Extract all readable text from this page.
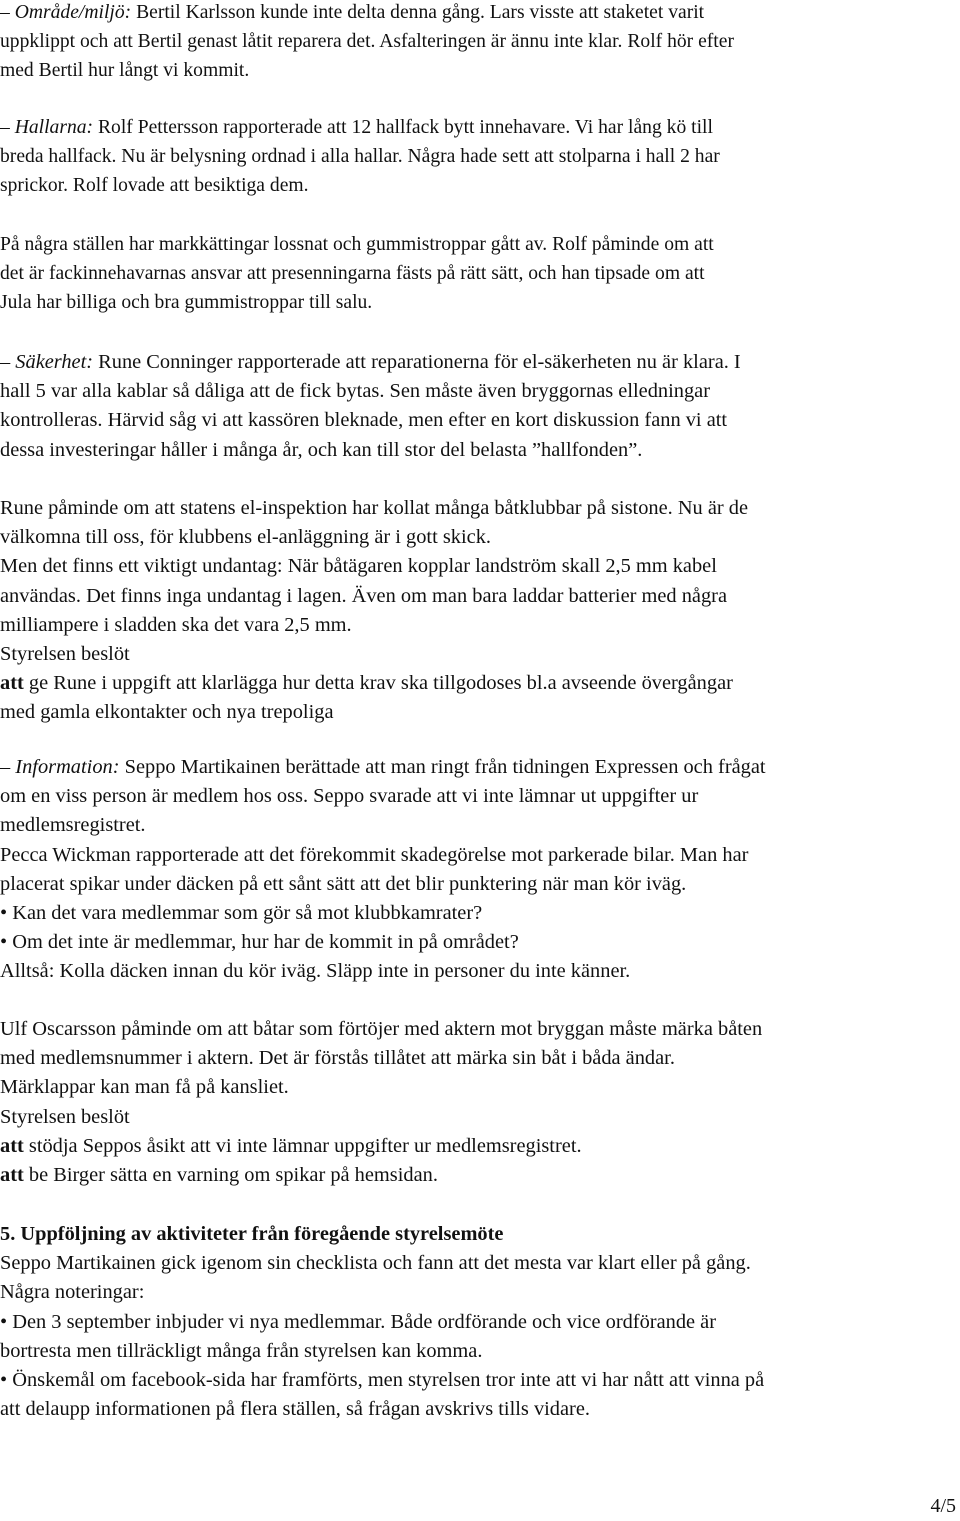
– Område/miljö: Bertil Karlsson kunde inte delta denna gång. Lars visste att staketet varit
uppklippt och att Bertil genast låtit reparera det. Asfalteringen är ännu inte klar. Rolf hör efter
med Bertil hur långt vi kommit.
– Hallarna: Rolf Pettersson rapporterade att 12 hallfack bytt innehavare. Vi har lång kö till
breda hallfack. Nu är belysning ordnad i alla hallar. Några hade sett att stolparna i hall 2 har
sprickor. Rolf lovade att besiktiga dem.
På några ställen har markkättingar lossnat och gummistroppar gått av. Rolf påminde om att
det är fackinnehavarnas ansvar att presenningarna fästs på rätt sätt, och han tipsade om att
Jula har billiga och bra gummistroppar till salu.
– Säkerhet: Rune Conninger rapporterade att reparationerna för el-säkerheten nu är klara. I
hall 5 var alla kablar så dåliga att de fick bytas. Sen måste även bryggornas elledningar
kontrolleras. Härvid såg vi att kassören bleknade, men efter en kort diskussion fann vi att
dessa investeringar håller i många år, och kan till stor del belasta ”hallfonden”.
Rune påminde om att statens el-inspektion har kollat många båtklubbar på sistone. Nu är de
välkomna till oss, för klubbens el-anläggning är i gott skick.
Men det finns ett viktigt undantag: När båtägaren kopplar landström skall 2,5 mm kabel
användas. Det finns inga undantag i lagen. Även om man bara laddar batterier med några
milliampere i sladden ska det vara 2,5 mm.
Styrelsen beslöt
att ge Rune i uppgift att klarlägga hur detta krav ska tillgodoses bl.a avseende övergångar
med gamla elkontakter och nya trepoliga
– Information: Seppo Martikainen berättade att man ringt från tidningen Expressen och frågat
om en viss person är medlem hos oss. Seppo svarade att vi inte lämnar ut uppgifter ur
medlemsregistret.
Pecca Wickman rapporterade att det förekommit skadegörelse mot parkerade bilar. Man har
placerat spikar under däcken på ett sånt sätt att det blir punktering när man kör iväg.
• Kan det vara medlemmar som gör så mot klubbkamrater?
• Om det inte är medlemmar, hur har de kommit in på området?
Alltså: Kolla däcken innan du kör iväg. Släpp inte in personer du inte känner.
Ulf Oscarsson påminde om att båtar som förtöjer med aktern mot bryggan måste märka båten
med medlemsnummer i aktern. Det är förstås tillåtet att märka sin båt i båda ändar.
Märklappar kan man få på kansliet.
Styrelsen beslöt
att stödja Seppos åsikt att vi inte lämnar uppgifter ur medlemsregistret.
att be Birger sätta en varning om spikar på hemsidan.
5. Uppföljning av aktiviteter från föregående styrelsemöte
Seppo Martikainen gick igenom sin checklista och fann att det mesta var klart eller på gång.
Några noteringar:
• Den 3 september inbjuder vi nya medlemmar. Både ordförande och vice ordförande är
bortresta men tillräckligt många från styrelsen kan komma.
• Önskemål om facebook-sida har framförts, men styrelsen tror inte att vi har nått att vinna på
att delaupp informationen på flera ställen, så frågan avskrivs tills vidare.
4/5
